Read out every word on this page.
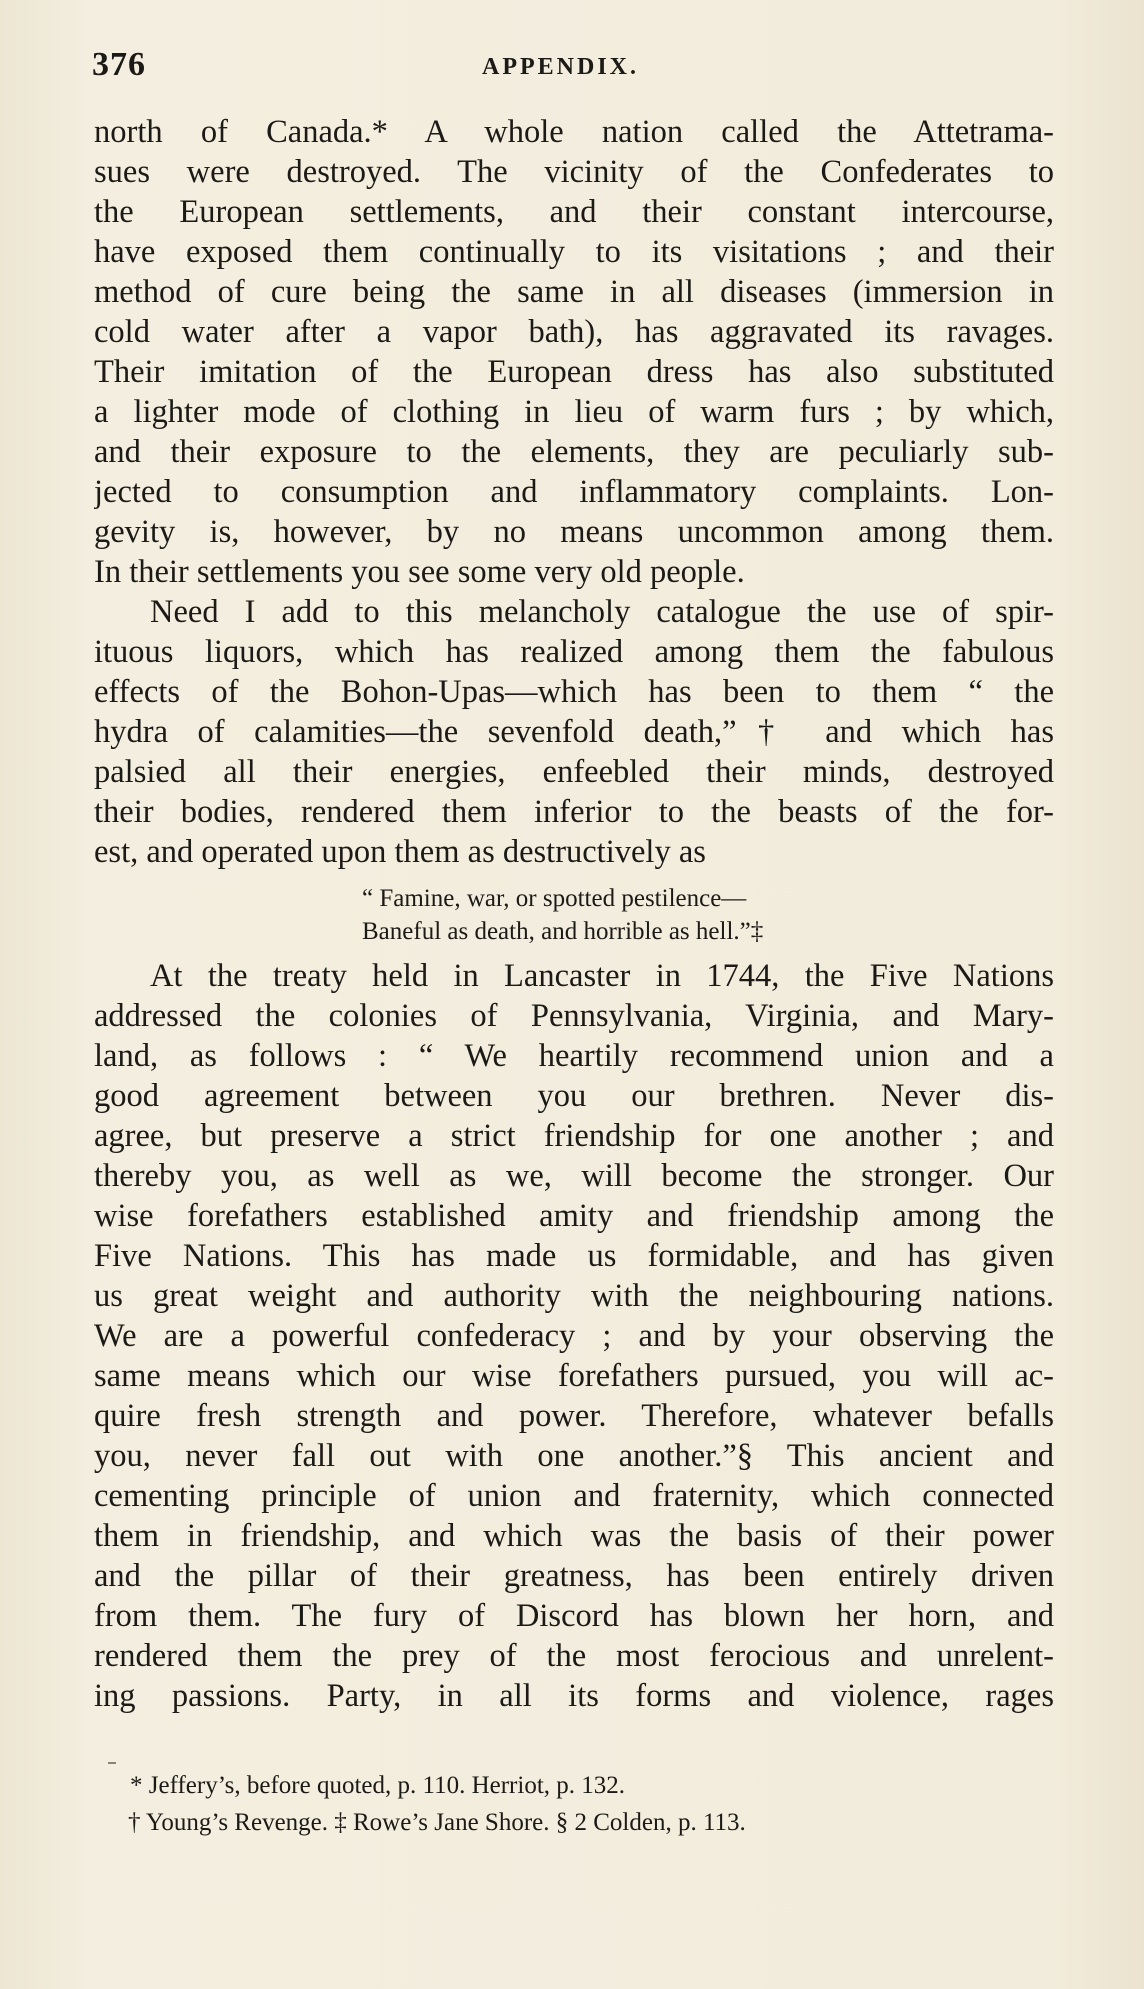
376	APPENDIX.
north of Canada.* A whole nation called the Attetrama-
sues were destroyed. The vicinity of the Confederates to
the European settlements, and their constant intercourse,
have exposed them continually to its visitations ; and their
method of cure being the same in all diseases (immersion in
cold water after a vapor bath), has aggravated its ravages.
Their imitation of the European dress has also substituted
a lighter mode of clothing in lieu of warm furs ; by which,
and their exposure to the elements, they are peculiarly sub-
jected to consumption and inflammatory complaints. Lon-
gevity is, however, by no means uncommon among them.
In their settlements you see some very old people.
Need I add to this melancholy catalogue the use of spir-
ituous liquors, which has realized among them the fabulous
effects of the Bohon-Upas—which has been to them “ the
hydra of calamities—the sevenfold death,”† and which has
palsied all their energies, enfeebled their minds, destroyed
their bodies, rendered them inferior to the beasts of the for-
est, and operated upon them as destructively as
“ Famine, war, or spotted pestilence—
Baneful as death, and horrible as hell.”‡
At the treaty held in Lancaster in 1744, the Five Nations
addressed the colonies of Pennsylvania, Virginia, and Mary-
land, as follows : “ We heartily recommend union and a
good agreement between you our brethren. Never dis-
agree, but preserve a strict friendship for one another ; and
thereby you, as well as we, will become the stronger. Our
wise forefathers established amity and friendship among the
Five Nations. This has made us formidable, and has given
us great weight and authority with the neighbouring nations.
We are a powerful confederacy ; and by your observing the
same means which our wise forefathers pursued, you will ac-
quire fresh strength and power. Therefore, whatever befalls
you, never fall out with one another.”§ This ancient and
cementing principle of union and fraternity, which connected
them in friendship, and which was the basis of their power
and the pillar of their greatness, has been entirely driven
from them. The fury of Discord has blown her horn, and
rendered them the prey of the most ferocious and unrelent-
ing passions. Party, in all its forms and violence, rages
* Jeffery’s, before quoted, p. 110. Herriot, p. 132.
† Young’s Revenge. ‡ Rowe’s Jane Shore. § 2 Colden, p. 113.
